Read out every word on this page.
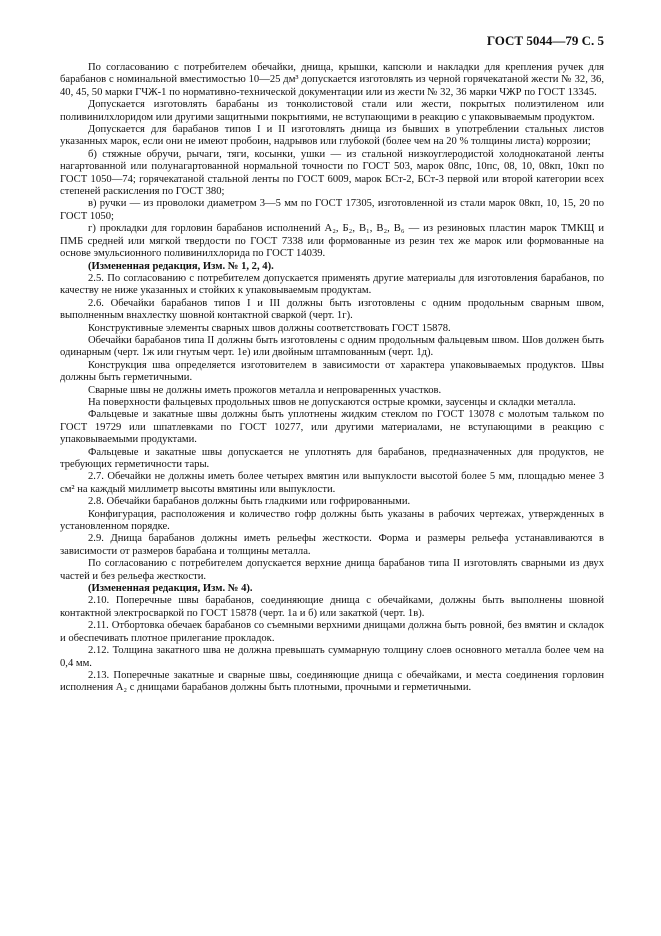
ГОСТ 5044—79 С. 5

По согласованию с потребителем обечайки, днища, крышки, капсюли и накладки для крепления ручек для барабанов с номинальной вместимостью 10—25 дм³ допускается изготовлять из черной горячекатаной жести № 32, 36, 40, 45, 50 марки ГЧЖ-1 по нормативно-технической документации или из жести № 32, 36 марки ЧЖР по ГОСТ 13345.

Допускается изготовлять барабаны из тонколистовой стали или жести, покрытых полиэтиленом или поливинилхлоридом или другими защитными покрытиями, не вступающими в реакцию с упаковываемым продуктом.

Допускается для барабанов типов I и II изготовлять днища из бывших в употреблении стальных листов указанных марок, если они не имеют пробоин, надрывов или глубокой (более чем на 20 % толщины листа) коррозии;

б) стяжные обручи, рычаги, тяги, косынки, ушки — из стальной низкоуглеродистой холоднокатаной ленты нагартованной или полунагартованной нормальной точности по ГОСТ 503, марок 08пс, 10пс, 08, 10, 08кп, 10кп по ГОСТ 1050—74; горячекатаной стальной ленты по ГОСТ 6009, марок БСт-2, БСт-3 первой или второй категории всех степеней раскисления по ГОСТ 380;

в) ручки — из проволоки диаметром 3—5 мм по ГОСТ 17305, изготовленной из стали марок 08кп, 10, 15, 20 по ГОСТ 1050;

г) прокладки для горловин барабанов исполнений А₂, Б₂, В₁, В₂, В₆ — из резиновых пластин марок ТМКЩ и ПМБ средней или мягкой твердости по ГОСТ 7338 или формованные из резин тех же марок или формованные на основе эмульсионного поливинилхлорида по ГОСТ 14039.

(Измененная редакция, Изм. № 1, 2, 4).

2.5. По согласованию с потребителем допускается применять другие материалы для изготовления барабанов, по качеству не ниже указанных и стойких к упаковываемым продуктам.

2.6. Обечайки барабанов типов I и III должны быть изготовлены с одним продольным сварным швом, выполненным внахлестку шовной контактной сваркой (черт. 1г).

Конструктивные элементы сварных швов должны соответствовать ГОСТ 15878.

Обечайки барабанов типа II должны быть изготовлены с одним продольным фальцевым швом. Шов должен быть одинарным (черт. 1ж или гнутым черт. 1е) или двойным штампованным (черт. 1д).

Конструкция шва определяется изготовителем в зависимости от характера упаковываемых продуктов. Швы должны быть герметичными.

Сварные швы не должны иметь прожогов металла и непроваренных участков.

На поверхности фальцевых продольных швов не допускаются острые кромки, заусенцы и складки металла.

Фальцевые и закатные швы должны быть уплотнены жидким стеклом по ГОСТ 13078 с молотым тальком по ГОСТ 19729 или шпатлевками по ГОСТ 10277, или другими материалами, не вступающими в реакцию с упаковываемыми продуктами.

Фальцевые и закатные швы допускается не уплотнять для барабанов, предназначенных для продуктов, не требующих герметичности тары.

2.7. Обечайки не должны иметь более четырех вмятин или выпуклости высотой более 5 мм, площадью менее 3 см² на каждый миллиметр высоты вмятины или выпуклости.

2.8. Обечайки барабанов должны быть гладкими или гофрированными.

Конфигурация, расположения и количество гофр должны быть указаны в рабочих чертежах, утвержденных в установленном порядке.

2.9. Днища барабанов должны иметь рельефы жесткости. Форма и размеры рельефа устанавливаются в зависимости от размеров барабана и толщины металла.

По согласованию с потребителем допускается верхние днища барабанов типа II изготовлять сварными из двух частей и без рельефа жесткости.

(Измененная редакция, Изм. № 4).

2.10. Поперечные швы барабанов, соединяющие днища с обечайками, должны быть выполнены шовной контактной электросваркой по ГОСТ 15878 (черт. 1а и б) или закаткой (черт. 1в).

2.11. Отбортовка обечаек барабанов со съемными верхними днищами должна быть ровной, без вмятин и складок и обеспечивать плотное прилегание прокладок.

2.12. Толщина закатного шва не должна превышать суммарную толщину слоев основного металла более чем на 0,4 мм.

2.13. Поперечные закатные и сварные швы, соединяющие днища с обечайками, и места соединения горловин исполнения А₂ с днищами барабанов должны быть плотными, прочными и герметичными.
